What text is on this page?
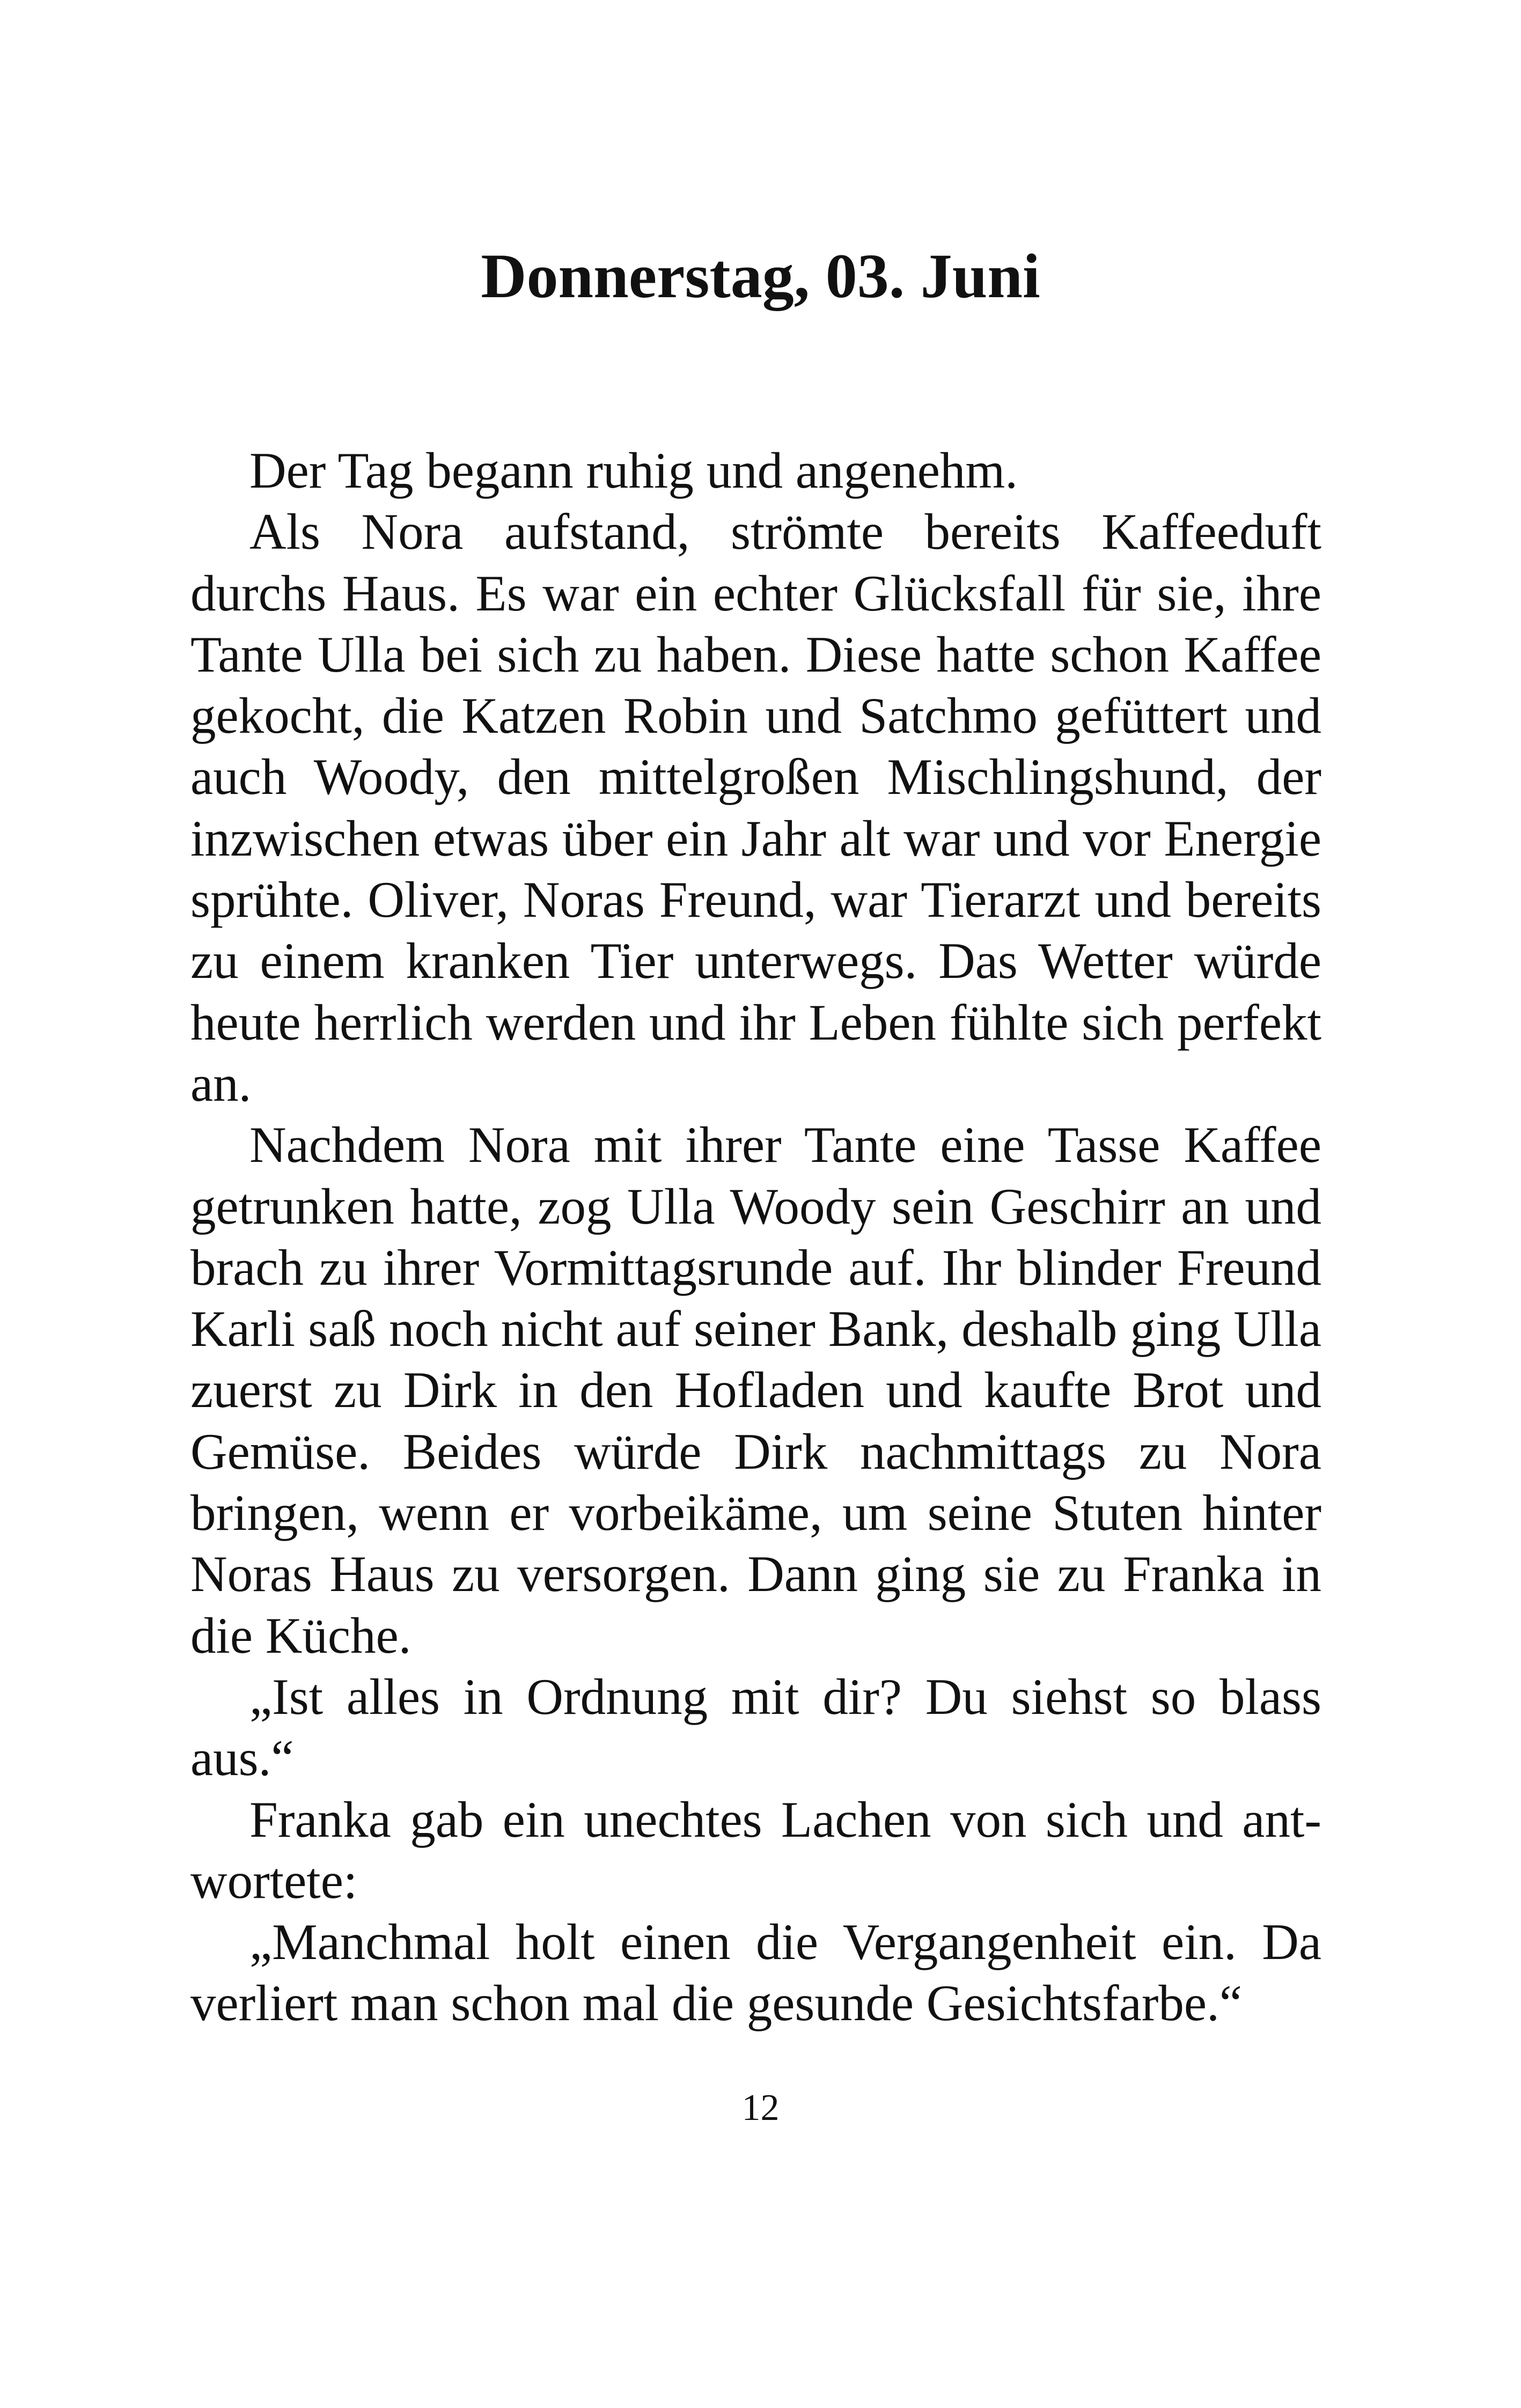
Donnerstag, 03. Juni

Der Tag begann ruhig und angenehm.

Als Nora aufstand, strömte bereits Kaffeeduft durchs Haus. Es war ein echter Glücksfall für sie, ihre Tante Ulla bei sich zu haben. Diese hatte schon Kaffee gekocht, die Katzen Robin und Satchmo gefüttert und auch Woody, den mittelgroßen Mischlingshund, der inzwischen etwas über ein Jahr alt war und vor Energie sprühte. Oliver, Noras Freund, war Tierarzt und bereits zu einem kranken Tier unterwegs. Das Wetter würde heute herrlich werden und ihr Leben fühlte sich perfekt an.

Nachdem Nora mit ihrer Tante eine Tasse Kaffee getrunken hatte, zog Ulla Woody sein Geschirr an und brach zu ihrer Vormittagsrunde auf. Ihr blinder Freund Karli saß noch nicht auf seiner Bank, deshalb ging Ulla zuerst zu Dirk in den Hofladen und kaufte Brot und Gemüse. Beides würde Dirk nachmittags zu Nora bringen, wenn er vorbeikäme, um seine Stuten hinter Noras Haus zu versorgen. Dann ging sie zu Franka in die Küche.

„Ist alles in Ordnung mit dir? Du siehst so blass aus.“

Franka gab ein unechtes Lachen von sich und antwortete:

„Manchmal holt einen die Vergangenheit ein. Da verliert man schon mal die gesunde Gesichtsfarbe.“

12
